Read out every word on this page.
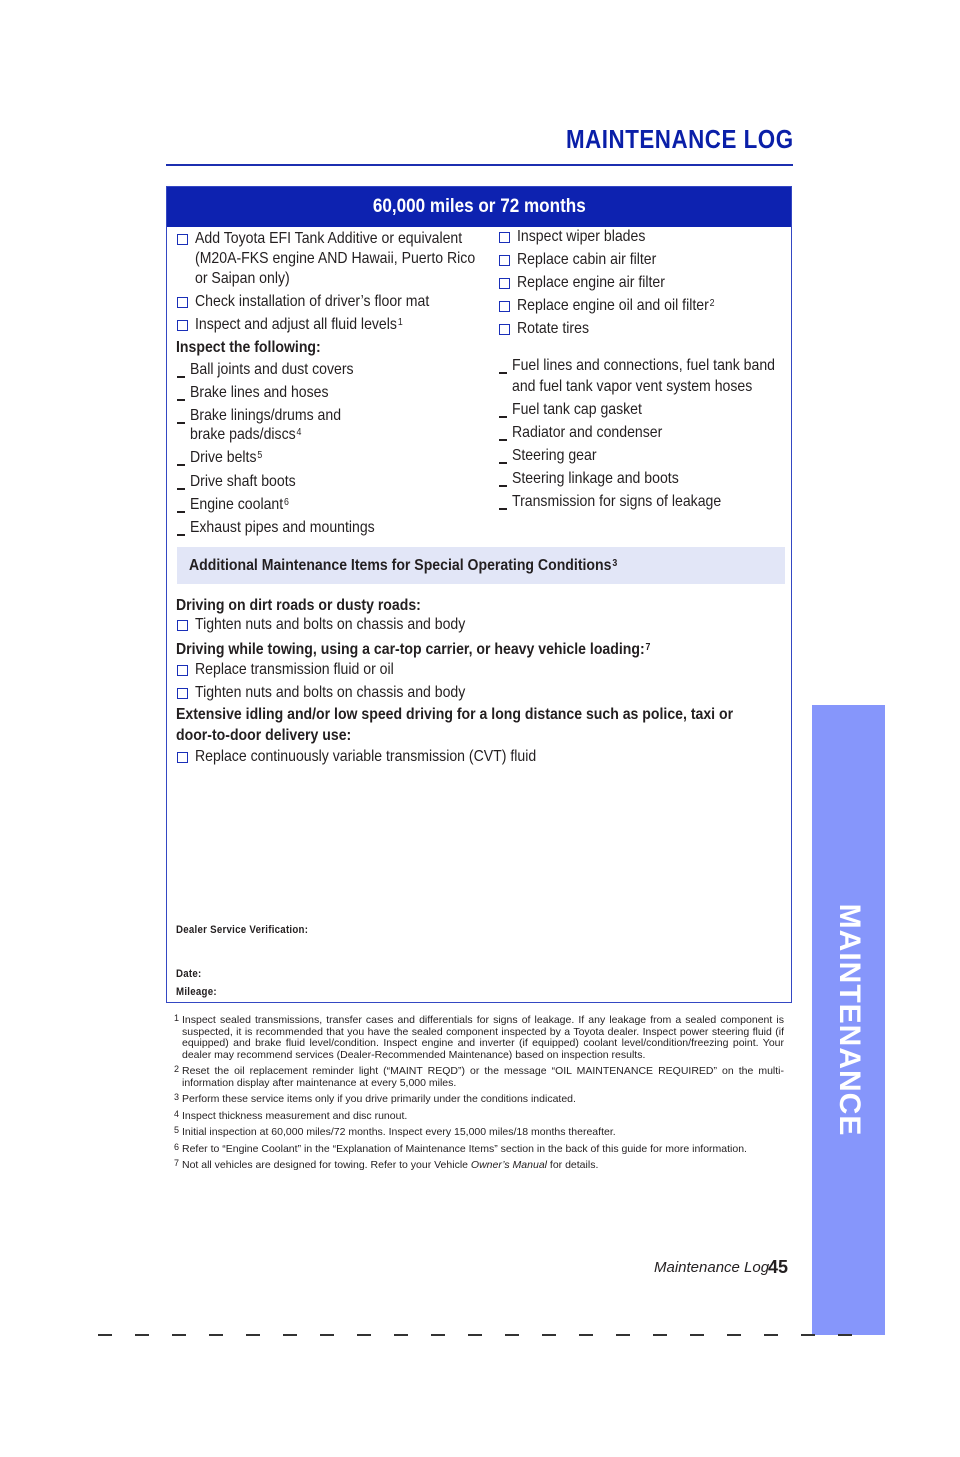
MAINTENANCE LOG
60,000 miles or 72 months
Add Toyota EFI Tank Additive or equivalent
(M20A-FKS engine AND Hawaii, Puerto Rico
or Saipan only)
Check installation of driver’s floor mat
Inspect and adjust all fluid levels$^1$
Inspect the following:
Inspect wiper blades
Replace cabin air filter
Replace engine air filter
Replace engine oil and oil filter$^2$
Rotate tires
Ball joints and dust covers
Brake lines and hoses
Brake linings/drums and
brake pads/discs$^4$
Drive belts$^5$
Drive shaft boots
Engine coolant$^6$
Exhaust pipes and mountings
Fuel lines and connections, fuel tank band
and fuel tank vapor vent system hoses
Fuel tank cap gasket
Radiator and condenser
Steering gear
Steering linkage and boots
Transmission for signs of leakage
Additional Maintenance Items for Special Operating Conditions$^3$
Driving on dirt roads or dusty roads:
Tighten nuts and bolts on chassis and body
Driving while towing, using a car-top carrier, or heavy vehicle loading:$^7$
Replace transmission fluid or oil
Tighten nuts and bolts on chassis and body
Extensive idling and/or low speed driving for a long distance such as police, taxi or
door-to-door delivery use:
Replace continuously variable transmission (CVT) fluid
Dealer Service Verification:
Date:
Mileage:
1 Inspect sealed transmissions, transfer cases and differentials for signs of leakage. If any leakage from a sealed component is suspected, it is recommended that you have the sealed component inspected by a Toyota dealer. Inspect power steering fluid (if equipped) and brake fluid level/condition. Inspect engine and inverter (if equipped) coolant level/condition/freezing point. Your dealer may recommend services (Dealer-Recommended Maintenance) based on inspection results.
2 Reset the oil replacement reminder light (“MAINT REQD”) or the message “OIL MAINTENANCE REQUIRED” on the multi-information display after maintenance at every 5,000 miles.
3 Perform these service items only if you drive primarily under the conditions indicated.
4 Inspect thickness measurement and disc runout.
5 Initial inspection at 60,000 miles/72 months. Inspect every 15,000 miles/18 months thereafter.
6 Refer to “Engine Coolant” in the “Explanation of Maintenance Items” section in the back of this guide for more information.
7 Not all vehicles are designed for towing. Refer to your Vehicle Owner’s Manual for details.
Maintenance Log
45
MAINTENANCE
